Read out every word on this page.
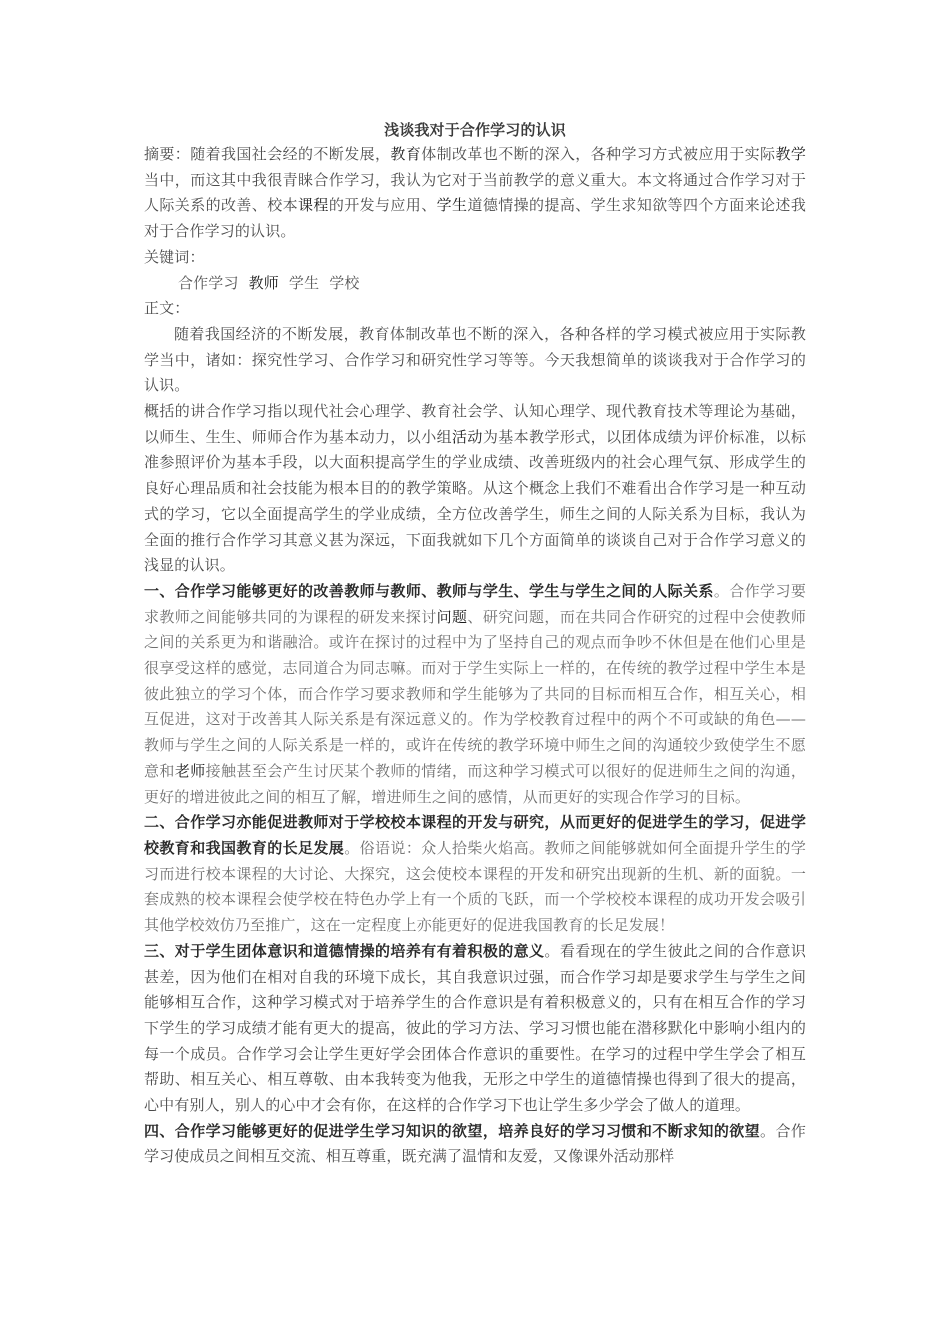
浅谈我对于合作学习的认识

摘要：随着我国社会经的不断发展，教育体制改革也不断的深入，各种学习方式被应用于实际教学当中，而这其中我很青睐合作学习，我认为它对于当前教学的意义重大。本文将通过合作学习对于人际关系的改善、校本课程的开发与应用、学生道德情操的提高、学生求知欲等四个方面来论述我对于合作学习的认识。

关键词：

合作学习 教师 学生 学校

正文：

随着我国经济的不断发展，教育体制改革也不断的深入，各种各样的学习模式被应用于实际教学当中，诸如：探究性学习、合作学习和研究性学习等等。今天我想简单的谈谈我对于合作学习的认识。

概括的讲合作学习指以现代社会心理学、教育社会学、认知心理学、现代教育技术等理论为基础，以师生、生生、师师合作为基本动力，以小组活动为基本教学形式，以团体成绩为评价标准，以标准参照评价为基本手段，以大面积提高学生的学业成绩、改善班级内的社会心理气氛、形成学生的良好心理品质和社会技能为根本目的的教学策略。从这个概念上我们不难看出合作学习是一种互动式的学习，它以全面提高学生的学业成绩，全方位改善学生，师生之间的人际关系为目标，我认为全面的推行合作学习其意义甚为深远，下面我就如下几个方面简单的谈谈自己对于合作学习意义的浅显的认识。

一、合作学习能够更好的改善教师与教师、教师与学生、学生与学生之间的人际关系。合作学习要求教师之间能够共同的为课程的研发来探讨问题、研究问题，而在共同合作研究的过程中会使教师之间的关系更为和谐融洽。或许在探讨的过程中为了坚持自己的观点而争吵不休但是在他们心里是很享受这样的感觉，志同道合为同志嘛。而对于学生实际上一样的，在传统的教学过程中学生本是彼此独立的学习个体，而合作学习要求教师和学生能够为了共同的目标而相互合作，相互关心，相互促进，这对于改善其人际关系是有深远意义的。作为学校教育过程中的两个不可或缺的角色——教师与学生之间的人际关系是一样的，或许在传统的教学环境中师生之间的沟通较少致使学生不愿意和老师接触甚至会产生讨厌某个教师的情绪，而这种学习模式可以很好的促进师生之间的沟通，更好的增进彼此之间的相互了解，增进师生之间的感情，从而更好的实现合作学习的目标。

二、合作学习亦能促进教师对于学校校本课程的开发与研究，从而更好的促进学生的学习，促进学校教育和我国教育的长足发展。俗语说：众人拾柴火焰高。教师之间能够就如何全面提升学生的学习而进行校本课程的大讨论、大探究，这会使校本课程的开发和研究出现新的生机、新的面貌。一套成熟的校本课程会使学校在特色办学上有一个质的飞跃，而一个学校校本课程的成功开发会吸引其他学校效仿乃至推广，这在一定程度上亦能更好的促进我国教育的长足发展！

三、对于学生团体意识和道德情操的培养有有着积极的意义。看看现在的学生彼此之间的合作意识甚差，因为他们在相对自我的环境下成长，其自我意识过强，而合作学习却是要求学生与学生之间能够相互合作，这种学习模式对于培养学生的合作意识是有着积极意义的，只有在相互合作的学习下学生的学习成绩才能有更大的提高，彼此的学习方法、学习习惯也能在潜移默化中影响小组内的每一个成员。合作学习会让学生更好学会团体合作意识的重要性。在学习的过程中学生学会了相互帮助、相互关心、相互尊敬、由本我转变为他我，无形之中学生的道德情操也得到了很大的提高，心中有别人，别人的心中才会有你，在这样的合作学习下也让学生多少学会了做人的道理。

四、合作学习能够更好的促进学生学习知识的欲望，培养良好的学习习惯和不断求知的欲望。合作学习使成员之间相互交流、相互尊重，既充满了温情和友爱，又像课外活动那样
